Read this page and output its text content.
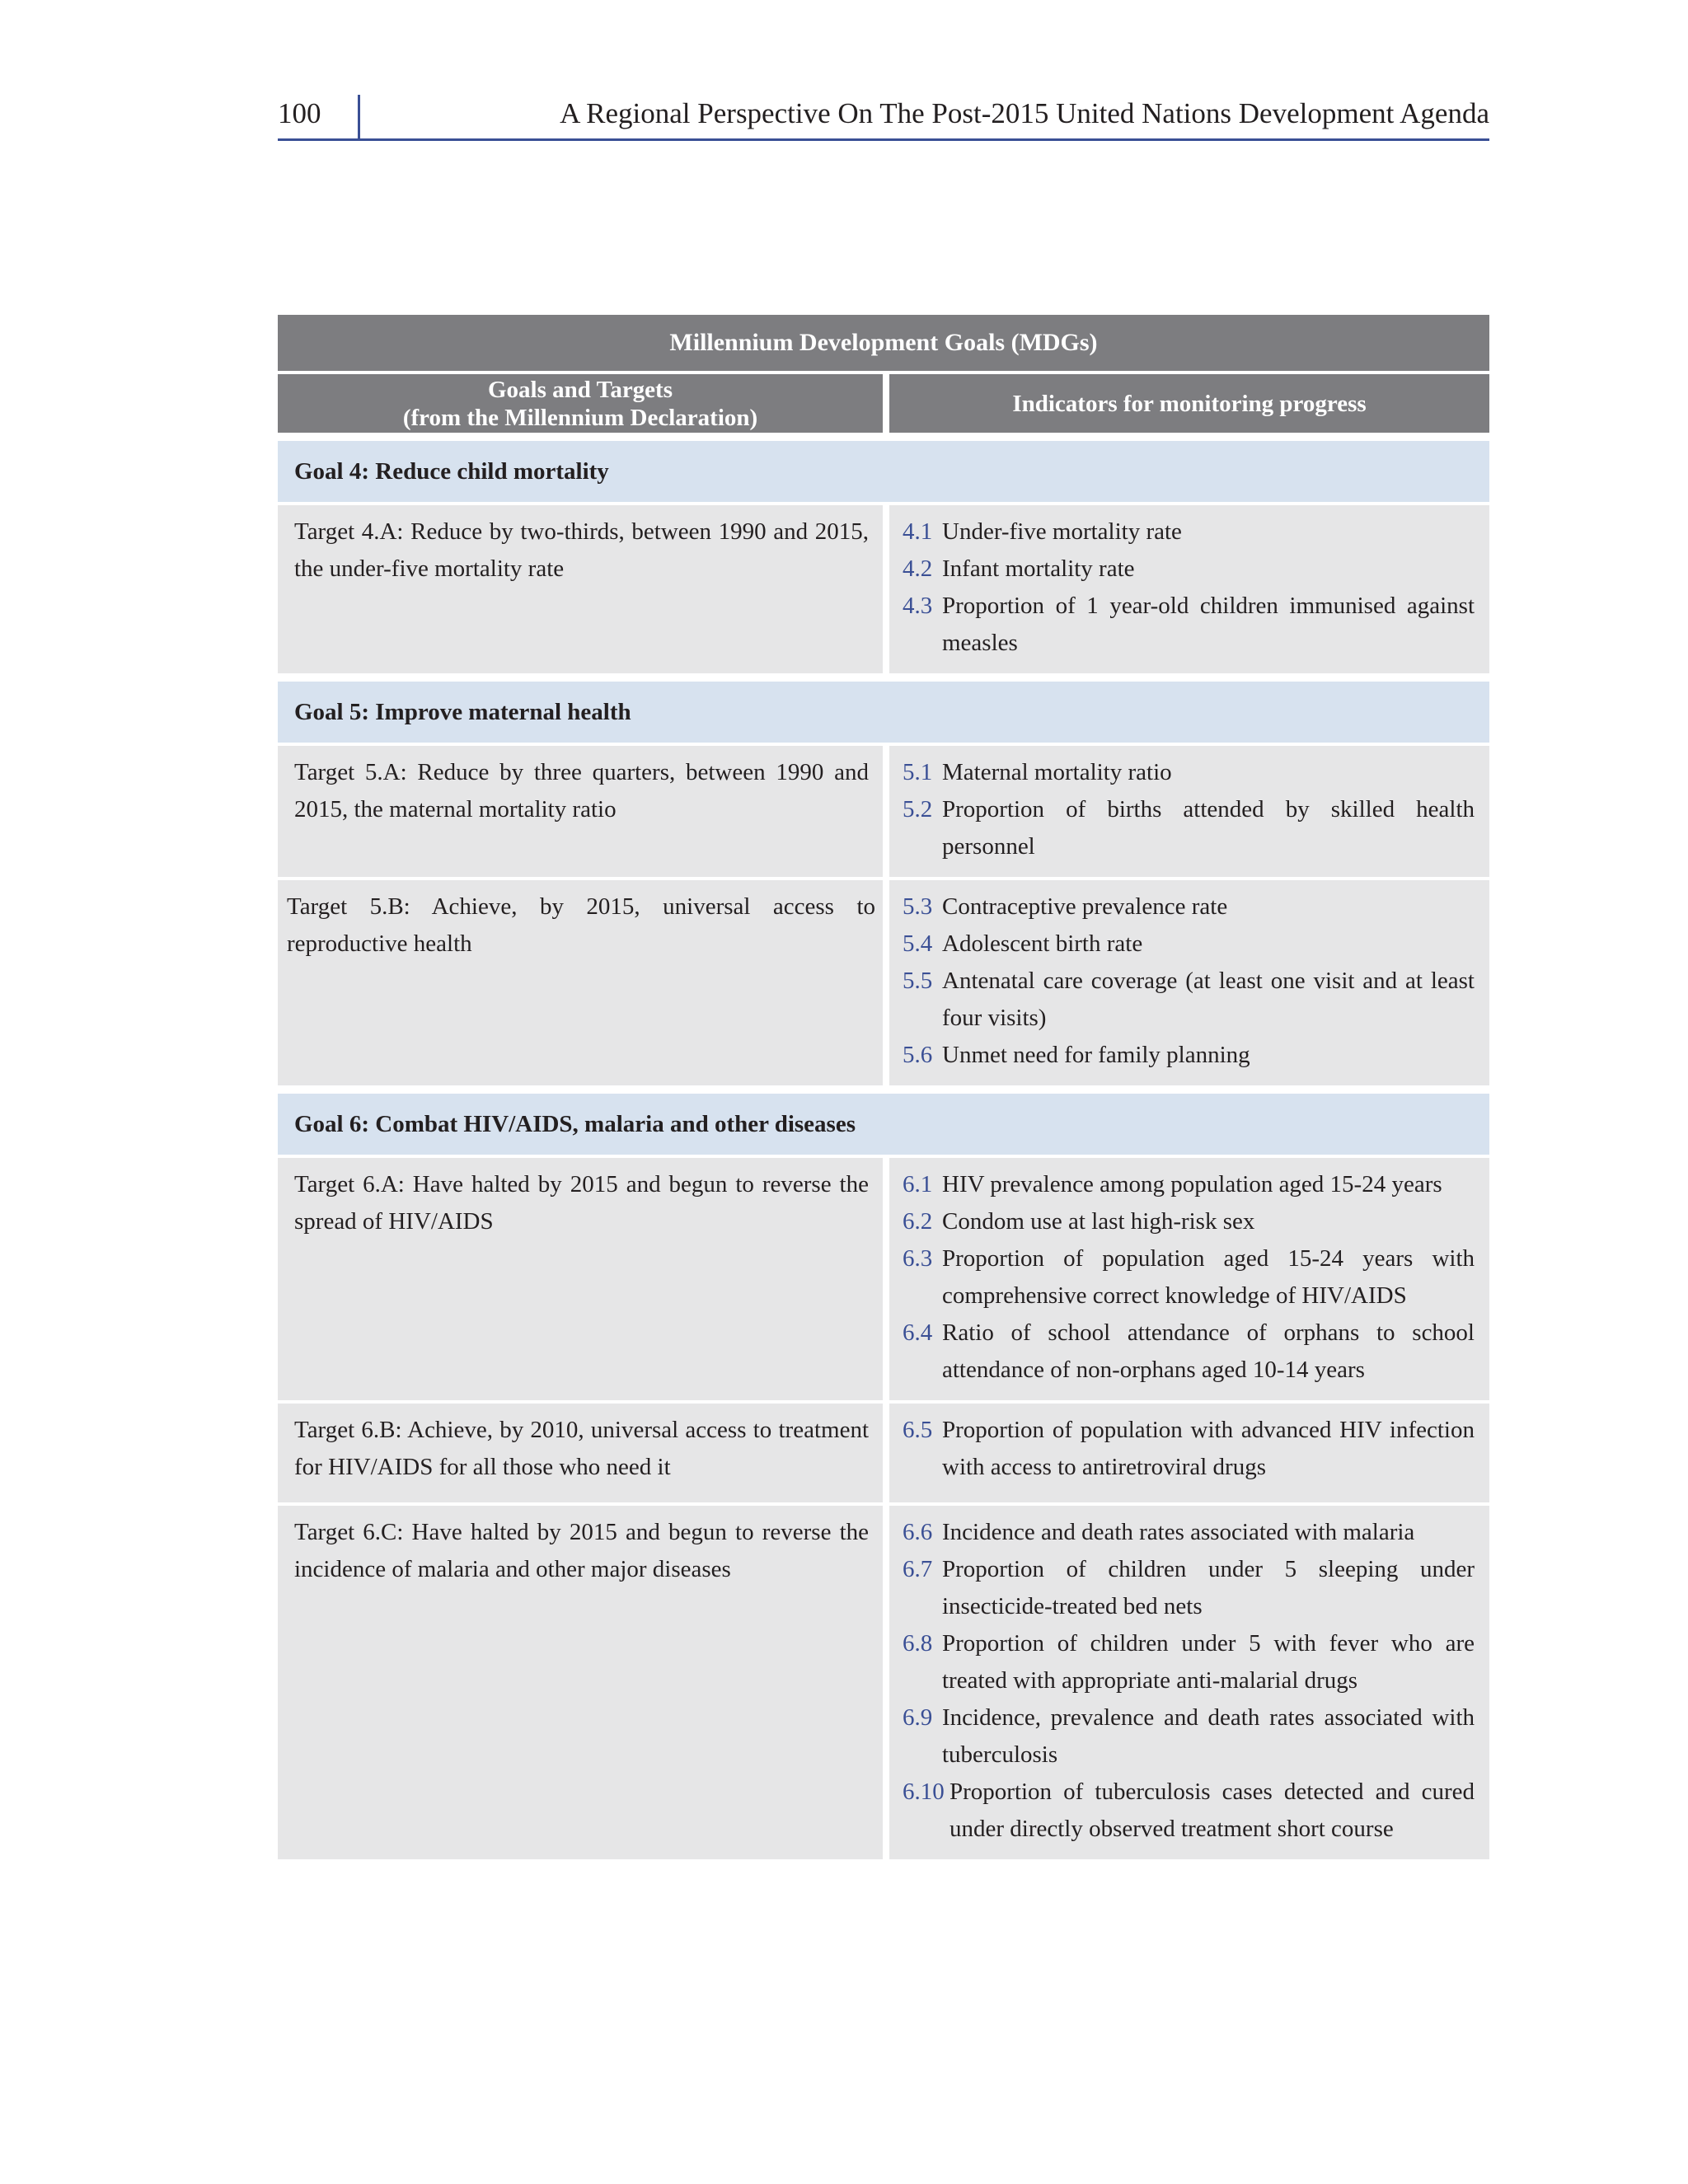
100	A Regional Perspective On The Post-2015 United Nations Development Agenda
Millennium Development Goals (MDGs)
Goals and Targets
(from the Millennium Declaration)
Indicators for monitoring progress
Goal 4: Reduce child mortality
Target 4.A: Reduce by two-thirds, between 1990 and 2015, the under-five mortality rate
4.1 Under-five mortality rate
4.2 Infant mortality rate
4.3 Proportion of 1 year-old children immunised against measles
Goal 5: Improve maternal health
Target 5.A: Reduce by three quarters, between 1990 and 2015, the maternal mortality ratio
5.1 Maternal mortality ratio
5.2 Proportion of births attended by skilled health personnel
Target 5.B: Achieve, by 2015, universal access to reproductive health
5.3 Contraceptive prevalence rate
5.4 Adolescent birth rate
5.5 Antenatal care coverage (at least one visit and at least four visits)
5.6 Unmet need for family planning
Goal 6: Combat HIV/AIDS, malaria and other diseases
Target 6.A: Have halted by 2015 and begun to reverse the spread of HIV/AIDS
6.1 HIV prevalence among population aged 15-24 years
6.2 Condom use at last high-risk sex
6.3 Proportion of population aged 15-24 years with comprehensive correct knowledge of HIV/AIDS
6.4 Ratio of school attendance of orphans to school attendance of non-orphans aged 10-14 years
Target 6.B: Achieve, by 2010, universal access to treatment for HIV/AIDS for all those who need it
6.5 Proportion of population with advanced HIV infection with access to antiretroviral drugs
Target 6.C: Have halted by 2015 and begun to reverse the incidence of malaria and other major diseases
6.6 Incidence and death rates associated with malaria
6.7 Proportion of children under 5 sleeping under insecticide-treated bed nets
6.8 Proportion of children under 5 with fever who are treated with appropriate anti-malarial drugs
6.9 Incidence, prevalence and death rates associated with tuberculosis
6.10 Proportion of tuberculosis cases detected and cured under directly observed treatment short course
